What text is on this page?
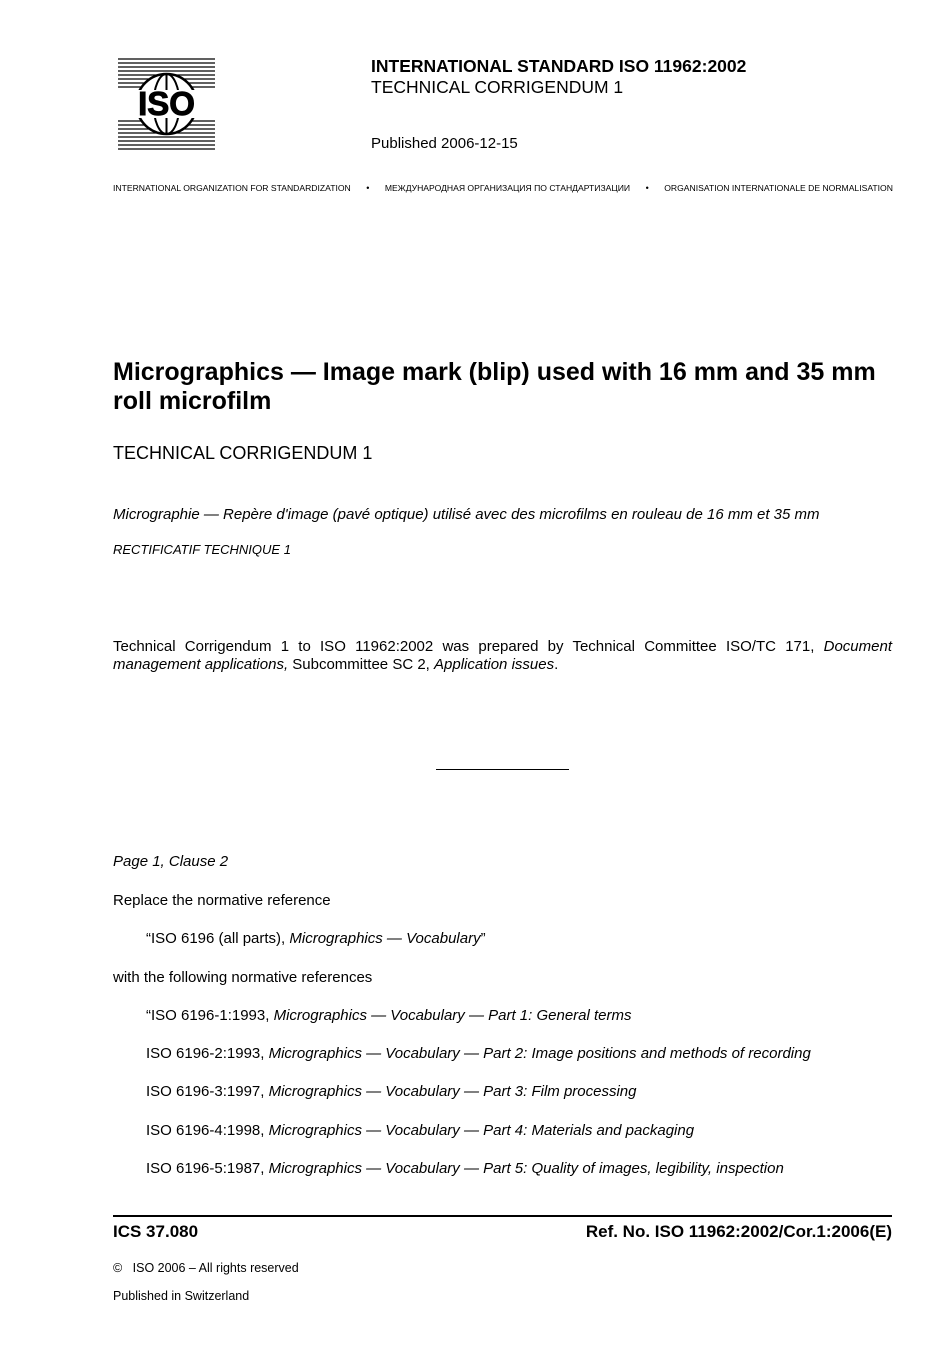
ISO
INTERNATIONAL STANDARD ISO 11962:2002
TECHNICAL CORRIGENDUM 1
Published 2006-12-15
INTERNATIONAL ORGANIZATION FOR STANDARDIZATION • МЕЖДУНАРОДНАЯ ОРГАНИЗАЦИЯ ПО СТАНДАРТИЗАЦИИ • ORGANISATION INTERNATIONALE DE NORMALISATION
Micrographics — Image mark (blip) used with 16 mm and 35 mm roll microfilm
TECHNICAL CORRIGENDUM 1
Micrographie — Repère d'image (pavé optique) utilisé avec des microfilms en rouleau de 16 mm et 35 mm
RECTIFICATIF TECHNIQUE 1
Technical Corrigendum 1 to ISO 11962:2002 was prepared by Technical Committee ISO/TC 171, Document management applications, Subcommittee SC 2, Application issues.
Page 1, Clause 2
Replace the normative reference
“ISO 6196 (all parts), Micrographics — Vocabulary”
with the following normative references
“ISO 6196-1:1993, Micrographics — Vocabulary — Part 1: General terms
ISO 6196-2:1993, Micrographics — Vocabulary — Part 2: Image positions and methods of recording
ISO 6196-3:1997, Micrographics — Vocabulary — Part 3: Film processing
ISO 6196-4:1998, Micrographics — Vocabulary — Part 4: Materials and packaging
ISO 6196-5:1987, Micrographics — Vocabulary — Part 5: Quality of images, legibility, inspection
ICS 37.080	Ref. No. ISO 11962:2002/Cor.1:2006(E)
© ISO 2006 – All rights reserved
Published in Switzerland
